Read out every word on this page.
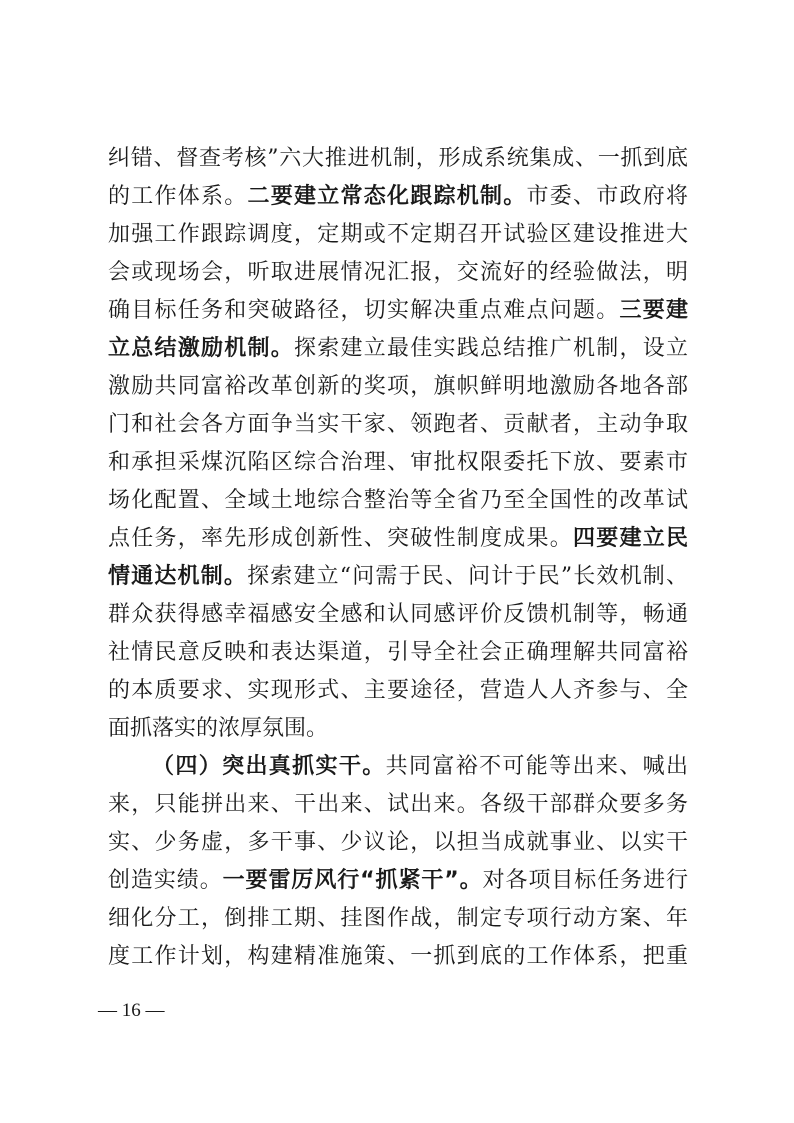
纠错、督查考核”六大推进机制，形成系统集成、一抓到底
的工作体系。二要建立常态化跟踪机制。市委、市政府将
加强工作跟踪调度，定期或不定期召开试验区建设推进大
会或现场会，听取进展情况汇报，交流好的经验做法，明
确目标任务和突破路径，切实解决重点难点问题。三要建
立总结激励机制。探索建立最佳实践总结推广机制，设立
激励共同富裕改革创新的奖项，旗帜鲜明地激励各地各部
门和社会各方面争当实干家、领跑者、贡献者，主动争取
和承担采煤沉陷区综合治理、审批权限委托下放、要素市
场化配置、全域土地综合整治等全省乃至全国性的改革试
点任务，率先形成创新性、突破性制度成果。四要建立民
情通达机制。探索建立“问需于民、问计于民”长效机制、
群众获得感幸福感安全感和认同感评价反馈机制等，畅通
社情民意反映和表达渠道，引导全社会正确理解共同富裕
的本质要求、实现形式、主要途径，营造人人齐参与、全
面抓落实的浓厚氛围。
（四）突出真抓实干。共同富裕不可能等出来、喊出
来，只能拼出来、干出来、试出来。各级干部群众要多务
实、少务虚，多干事、少议论，以担当成就事业、以实干
创造实绩。一要雷厉风行“抓紧干”。对各项目标任务进行
细化分工，倒排工期、挂图作战，制定专项行动方案、年
度工作计划，构建精准施策、一抓到底的工作体系，把重
— 16 —
